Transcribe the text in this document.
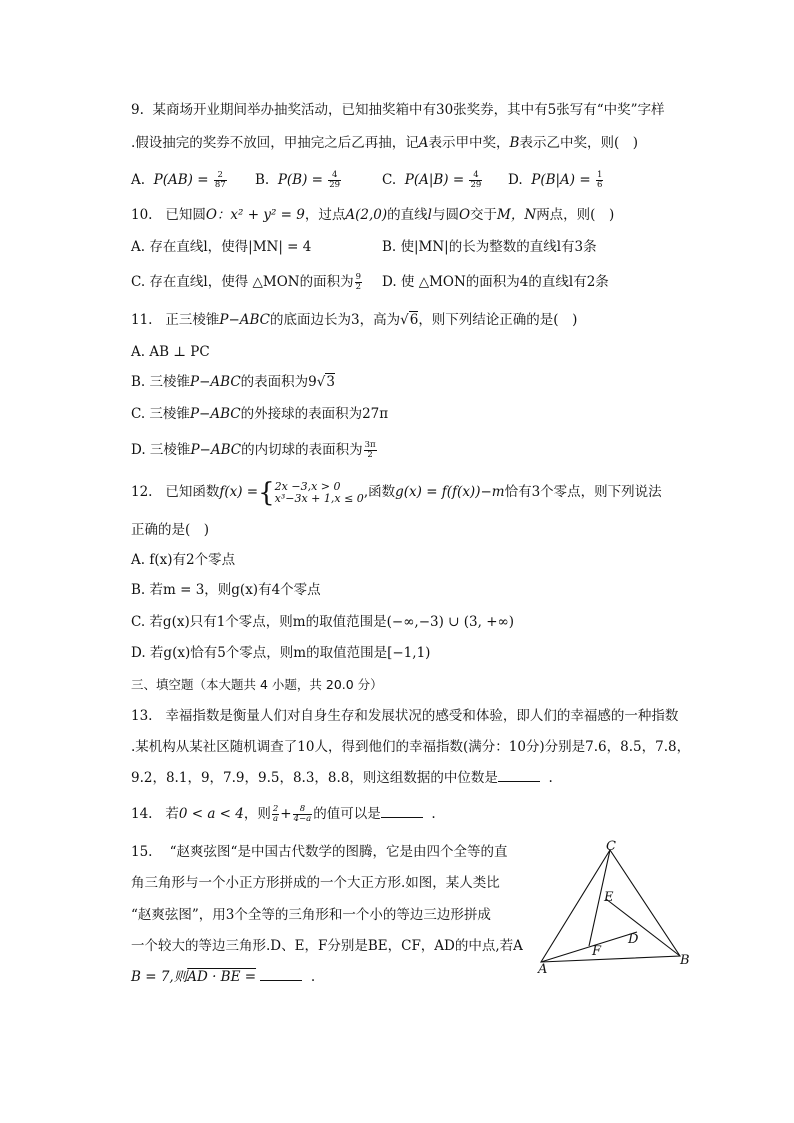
9. 某商场开业期间举办抽奖活动，已知抽奖箱中有30张奖券，其中有5张写有“中奖”字样
.假设抽完的奖券不放回，甲抽完之后乙再抽，记A表示甲中奖，B表示乙中奖，则(　)
A. $P(AB) = \frac{2}{87} B$. $P(B) = \frac{4}{29}$	C. $P(A|B) = \frac{4}{29} D$. $P(B|A) = \frac{1}{6}$
10. 已知圆O：x² + y² = 9，过点A(2,0)的直线l与圆O交于M，N两点，则(　)
A. 存在直线l，使得|MN| = 4	B. 使|MN|的长为整数的直线l有3条
C. 存在直线l，使得 △MON的面积为 $\frac{9}{2} D$. 使 △MON的面积为4的直线l有2条
11. 正三棱锥P−ABC的底面边长为3，高为√6，则下列结论正确的是(　)
A. AB ⊥ PC
B. 三棱锥P−ABC的表面积为9√3
C. 三棱锥P−ABC的外接球的表面积为27π
D. 三棱锥P−ABC的内切球的表面积为 $\frac{3\pi}{2}$
12. 已知函数f(x) ={ 2x −3,x > 0
x³−3x + 1,x ≤ 0 ,函数g(x) = f(f(x))−m恰有3个零点，则下列说法
正确的是(　)
A. f(x)有2个零点
B. 若m = 3，则g(x)有4个零点
C. 若g(x)只有1个零点，则m的取值范围是(−∞,−3) ∪ (3, +∞)
D. 若g(x)恰有5个零点，则m的取值范围是[−1,1)
三、填空题（本大题共 4 小题，共 20.0 分）
13. 幸福指数是衡量人们对自身生存和发展状况的感受和体验，即人们的幸福感的一种指数
.某机构从某社区随机调查了10人，得到他们的幸福指数(满分：10分)分别是7.6，8.5，7.8，
9.2，8.1，9，7.9，9.5，8.3，8.8，则这组数据的中位数是	.
14. 若0 < a < 4，则 $\frac{2}{a} + \frac{8}{4-a}$ 的值可以是	.
15. “赵爽弦图“是中国古代数学的图腾，它是由四个全等的直
角三角形与一个小正方形拼成的一个大正方形.如图，某人类比
“赵爽弦图”，用3个全等的三角形和一个小的等边三边形拼成
一个较大的等边三角形.D、E，F分别是BE，CF，AD的中点,若A
B = 7,则AD · BE =	.
C
E
D
F
A
B
